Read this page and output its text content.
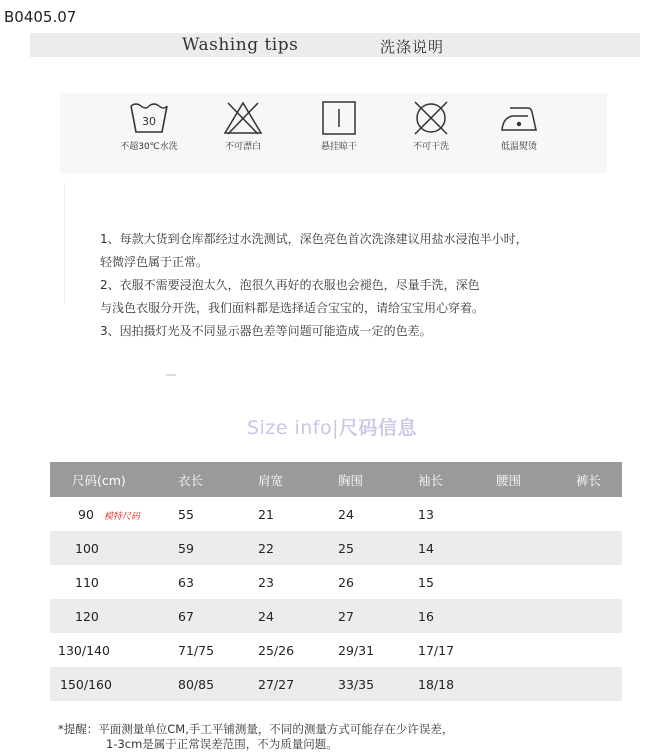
B0405.07
Washing tips	洗涤说明
30
不超30℃水洗	不可漂白	悬挂晾干	不可干洗	低温熨烫
1、每款大货到仓库都经过水洗测试，深色亮色首次洗涤建议用盐水浸泡半小时，
轻微浮色属于正常。
2、衣服不需要浸泡太久，泡很久再好的衣服也会褪色，尽量手洗，深色
与浅色衣服分开洗，我们面料都是选择适合宝宝的，请给宝宝用心穿着。
3、因拍摄灯光及不同显示器色差等问题可能造成一定的色差。
Size info|尺码信息
尺码(cm)	衣长	肩宽	胸围	袖长	腰围	裤长
90 模特尺码	55	21	24	13		
100	59	22	25	14		
110	63	23	26	15		
120	67	24	27	16		
130/140	71/75	25/26	29/31	17/17		
150/160	80/85	27/27	33/35	18/18		
*提醒：平面测量单位CM,手工平铺测量，不同的测量方式可能存在少许误差，
1-3cm是属于正常误差范围，不为质量问题。
